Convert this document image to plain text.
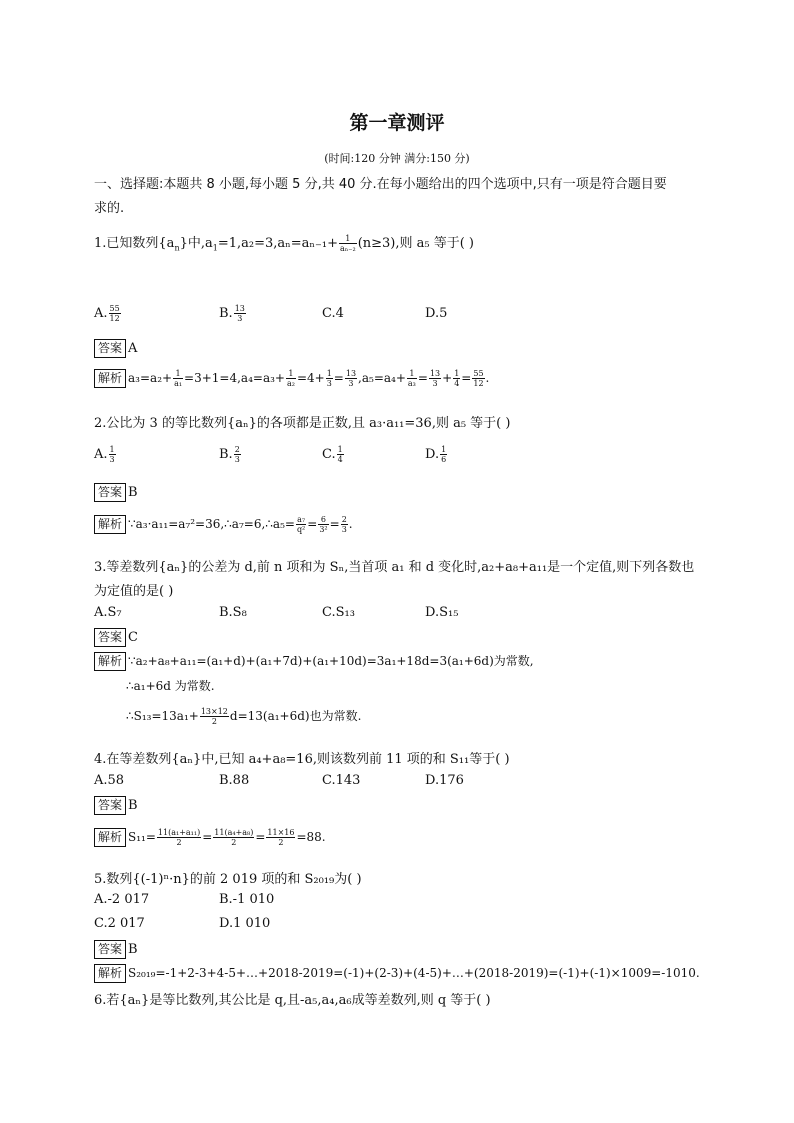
第一章测评
(时间:120 分钟 满分:150 分)
一、选择题:本题共 8 小题,每小题 5 分,共 40 分.在每小题给出的四个选项中,只有一项是符合题目要
求的.
1.已知数列$\{a_n\}$中$,a_1=1,a_2=3,a_n=a_{n-1}+ \frac{1}{\text{aₙ₋₂}} (n\ge 3)$,则 a₅ 等于( )
A. $\frac{55}{12}$	B. $\frac{13}{3}$	C.4	D.5
答案 A
解析 $a_3=a_2+ \frac{1}{\text{a₁}} =3+1=4,a_4=a_3+ \frac{1}{\text{a₂}} =4+ \frac{1}{3} = \frac{13}{3} ,a_5=a_4+ \frac{1}{\text{a₃}} = \frac{13}{3} + \frac{1}{4} = \frac{55}{12}$ .
2.公比为 3 的等比数列{aₙ}的各项都是正数,且 a₃·a₁₁=36,则 a₅ 等于( )
A. $\frac{1}{3}$	B. $\frac{2}{3}$	C. $\frac{1}{4}$	D. $\frac{1}{6}$
答案 B
解析 ∵a₃·a₁₁=a₇²=36,∴a₇=6,∴a₅= $\frac{\text{a₇}}{\text{q²}} = \frac{6}{\text{3²}} = \frac{2}{3}$ .
3.等差数列{aₙ}的公差为 d,前 n 项和为 Sₙ,当首项 a₁ 和 d 变化时,a₂+a₈+a₁₁是一个定值,则下列各数也
为定值的是( )
A.S₇	B.S₈	C.S₁₃	D.S₁₅
答案 C
解析 ∵a₂+a₈+a₁₁=(a₁+d)+(a₁+7d)+(a₁+10d)=3a₁+18d=3(a₁+6d)为常数,
∴a₁+6d 为常数.
∴S₁₃=13a₁+ $\frac{13\times 12}{2} d=13(a_1+6d)$也为常数.
4.在等差数列{aₙ}中,已知 a₄+a₈=16,则该数列前 11 项的和 S₁₁等于( )
A.58	B.88	C.143	D.176
答案 B
解析 $S_{11}= \frac{\text{11(a₁+a₁₁)}}{2} = \frac{\text{11(a₄+a₈)}}{2} = \frac{11\times 16}{2} =88$.
5.数列{(-1)ⁿ·n}的前 2 019 项的和 S₂₀₁₉为( )
A.-2 017	B.-1 010
C.2 017	D.1 010
答案 B
解析 S₂₀₁₉=-1+2-3+4-5+…+2018-2019=(-1)+(2-3)+(4-5)+…+(2018-2019)=(-1)+(-1)×1009=-1010.
6.若{aₙ}是等比数列,其公比是 q,且-a₅,a₄,a₆成等差数列,则 q 等于( )
